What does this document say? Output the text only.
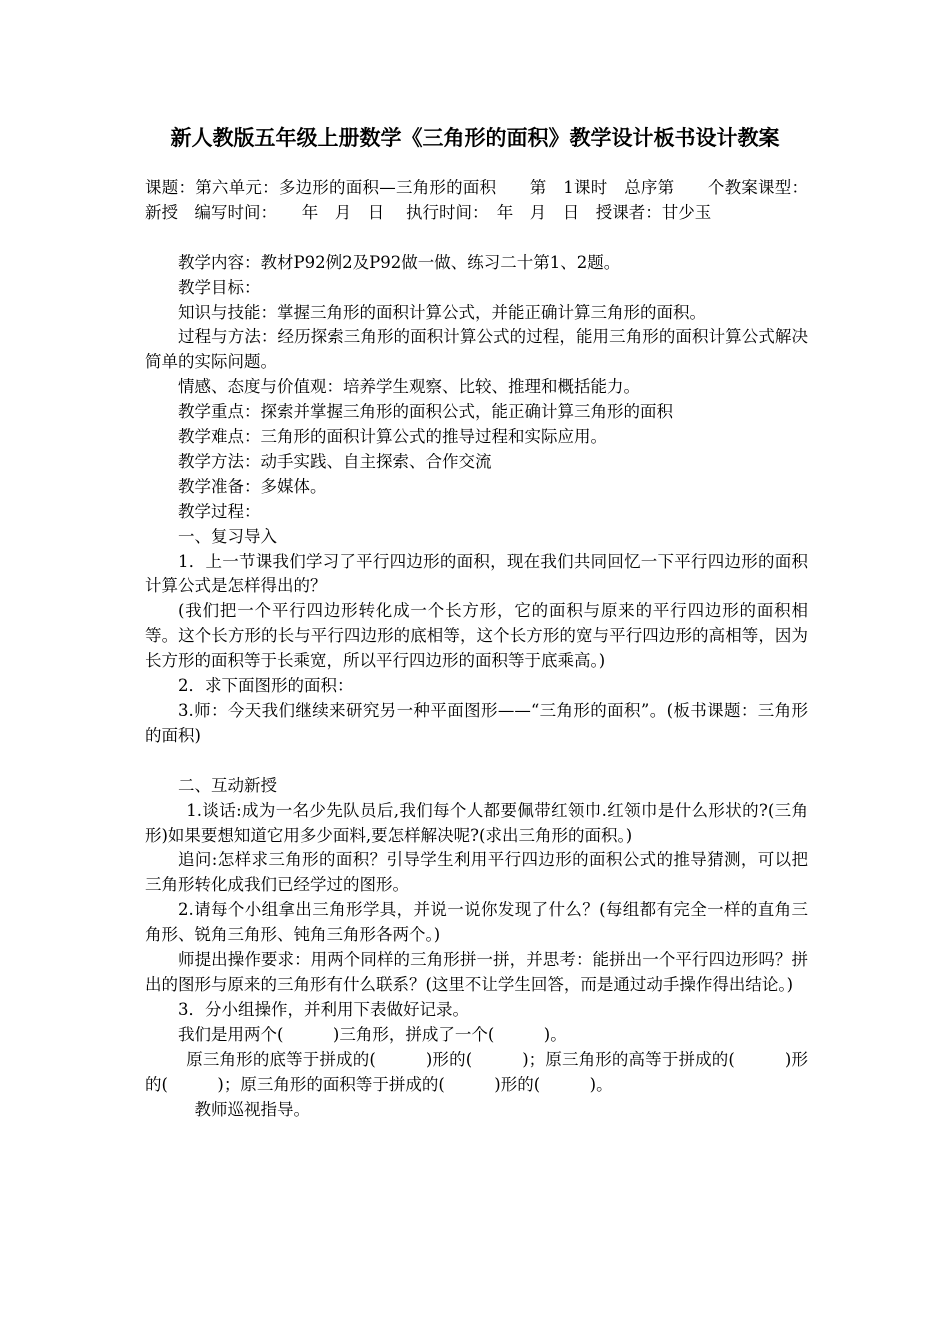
新人教版五年级上册数学《三角形的面积》教学设计板书设计教案

课题：第六单元：多边形的面积—三角形的面积　　第　1课时　总序第　　个教案课型：新授　编写时间：　　年　月　日　 执行时间：　年　月　日　授课者：甘少玉

教学内容：教材P92例2及P92做一做、练习二十第1、2题。

教学目标：

知识与技能：掌握三角形的面积计算公式，并能正确计算三角形的面积。

过程与方法：经历探索三角形的面积计算公式的过程，能用三角形的面积计算公式解决简单的实际问题。

情感、态度与价值观：培养学生观察、比较、推理和概括能力。

教学重点：探索并掌握三角形的面积公式，能正确计算三角形的面积

教学难点：三角形的面积计算公式的推导过程和实际应用。

教学方法：动手实践、自主探索、合作交流

教学准备：多媒体。

教学过程：

一、复习导入

1．上一节课我们学习了平行四边形的面积，现在我们共同回忆一下平行四边形的面积计算公式是怎样得出的？

(我们把一个平行四边形转化成一个长方形，它的面积与原来的平行四边形的面积相等。这个长方形的长与平行四边形的底相等，这个长方形的宽与平行四边形的高相等，因为长方形的面积等于长乘宽，所以平行四边形的面积等于底乘高。)

2．求下面图形的面积：

3.师：今天我们继续来研究另一种平面图形——“三角形的面积”。(板书课题：三角形的面积)

二、互动新授

1.谈话:成为一名少先队员后,我们每个人都要佩带红领巾.红领巾是什么形状的?(三角形)如果要想知道它用多少面料,要怎样解决呢?(求出三角形的面积。)

追问:怎样求三角形的面积？引导学生利用平行四边形的面积公式的推导猜测，可以把三角形转化成我们已经学过的图形。

2.请每个小组拿出三角形学具，并说一说你发现了什么？(每组都有完全一样的直角三角形、锐角三角形、钝角三角形各两个。)

师提出操作要求：用两个同样的三角形拼一拼，并思考：能拼出一个平行四边形吗？拼出的图形与原来的三角形有什么联系？(这里不让学生回答，而是通过动手操作得出结论。)

3．分小组操作，并利用下表做好记录。

我们是用两个(　　　)三角形，拼成了一个(　　　)。

原三角形的底等于拼成的(　　　)形的(　　　)；原三角形的高等于拼成的(　　　)形的(　　　)；原三角形的面积等于拼成的(　　　)形的(　　　)。

教师巡视指导。
